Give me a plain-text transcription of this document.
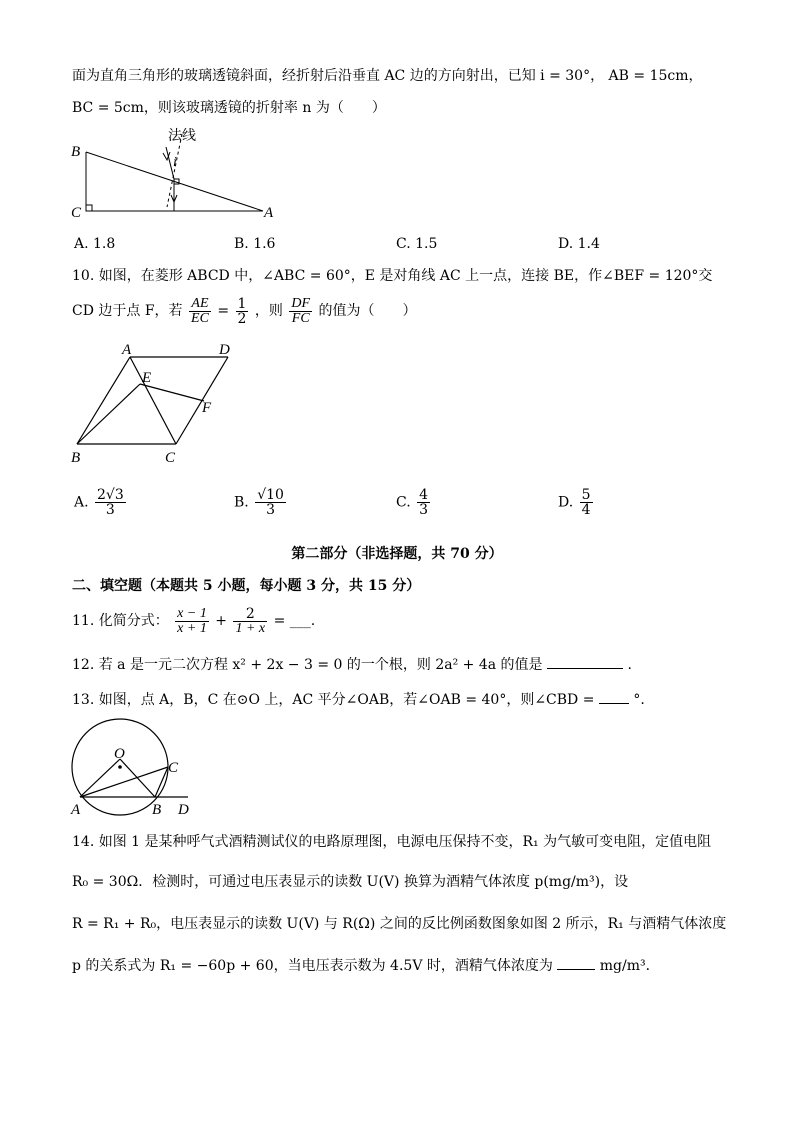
面为直角三角形的玻璃透镜斜面，经折射后沿垂直 AC 边的方向射出，已知 i = 30°， AB = 15cm，
BC = 5cm，则该玻璃透镜的折射率 n 为（　　）
B
C	A
法线
i
A. 1.8	B. 1.6	C. 1.5	D. 1.4
10. 如图，在菱形 ABCD 中，∠ABC = 60°，E 是对角线 AC 上一点，连接 BE，作∠BEF = 120°交
CD 边于点 F，若 $\frac{AE}{EC} = \frac{1}{2}$ ，则 $\frac{DF}{FC}$ 的值为（　　）
A	D
E
F
B	C
A. $\frac{2√3}{3}$	B. $\frac{√10}{3}$	C. $\frac{4}{3}$	D. $\frac{5}{4}$
第二部分（非选择题，共 70 分）
二、填空题（本题共 5 小题，每小题 3 分，共 15 分）
11. 化简分式： $\frac{x - 1}{x + 1} + \frac{2}{1 + x}$ = ___.
12. 若 a 是一元二次方程 x² + 2x − 3 = 0 的一个根，则 2a² + 4a 的值是	.
13. 如图，点 A，B，C 在⊙O 上，AC 平分∠OAB，若∠OAB = 40°，则∠CBD =	°.
O
C
A	B D
14. 如图 1 是某种呼气式酒精测试仪的电路原理图，电源电压保持不变，R₁ 为气敏可变电阻，定值电阻
R₀ = 30Ω．检测时，可通过电压表显示的读数 U(V) 换算为酒精气体浓度 p(mg/m³)，设
R = R₁ + R₀，电压表显示的读数 U(V) 与 R(Ω) 之间的反比例函数图象如图 2 所示，R₁ 与酒精气体浓度
p 的关系式为 R₁ = −60p + 60，当电压表示数为 4.5V 时，酒精气体浓度为	mg/m³．
